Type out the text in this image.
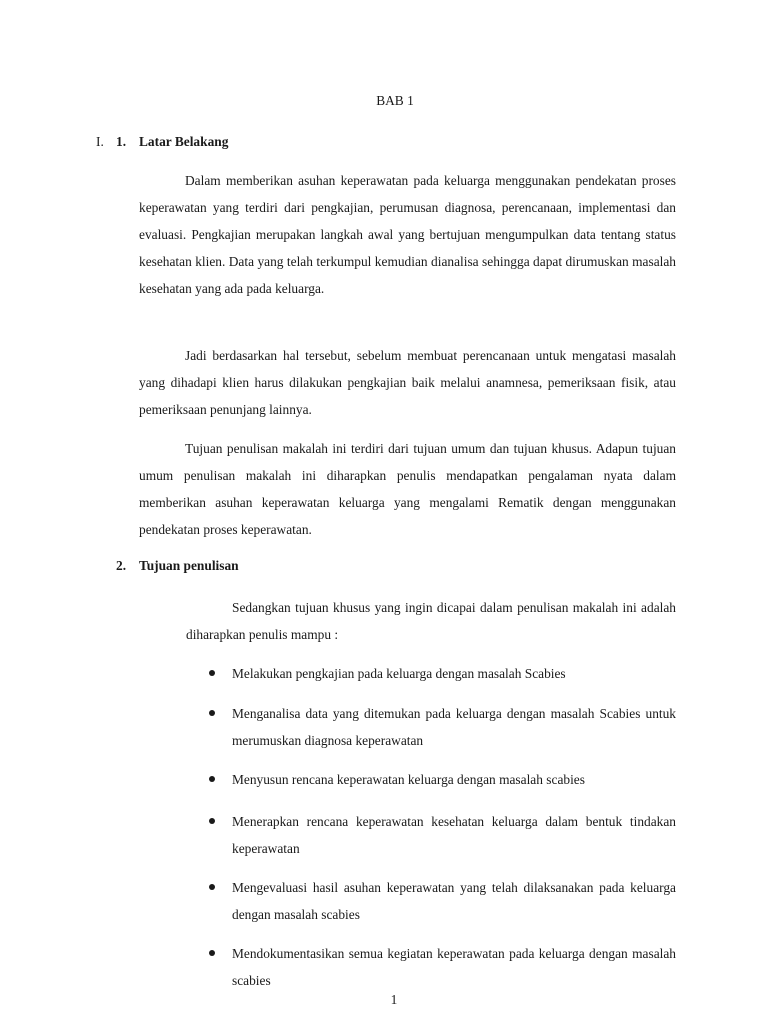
BAB 1
I. 1. Latar Belakang

Dalam memberikan asuhan keperawatan pada keluarga menggunakan pendekatan proses keperawatan yang terdiri dari pengkajian, perumusan diagnosa, perencanaan, implementasi dan evaluasi. Pengkajian merupakan langkah awal yang bertujuan mengumpulkan data tentang status kesehatan klien. Data yang telah terkumpul kemudian dianalisa sehingga dapat dirumuskan masalah kesehatan yang ada pada keluarga.

Jadi berdasarkan hal tersebut, sebelum membuat perencanaan untuk mengatasi masalah yang dihadapi klien harus dilakukan pengkajian baik melalui anamnesa, pemeriksaan fisik, atau pemeriksaan penunjang lainnya.

Tujuan penulisan makalah ini terdiri dari tujuan umum dan tujuan khusus. Adapun tujuan umum penulisan makalah ini diharapkan penulis mendapatkan pengalaman nyata dalam memberikan asuhan keperawatan keluarga yang mengalami Rematik dengan menggunakan pendekatan proses keperawatan.

2. Tujuan penulisan

Sedangkan tujuan khusus yang ingin dicapai dalam penulisan makalah ini adalah diharapkan penulis mampu :

Melakukan pengkajian pada keluarga dengan masalah Scabies
Menganalisa data yang ditemukan pada keluarga dengan masalah Scabies untuk merumuskan diagnosa keperawatan
Menyusun rencana keperawatan keluarga dengan masalah scabies
Menerapkan rencana keperawatan kesehatan keluarga dalam bentuk tindakan keperawatan
Mengevaluasi hasil asuhan keperawatan yang telah dilaksanakan pada keluarga dengan masalah scabies
Mendokumentasikan semua kegiatan keperawatan pada keluarga dengan masalah scabies
1
